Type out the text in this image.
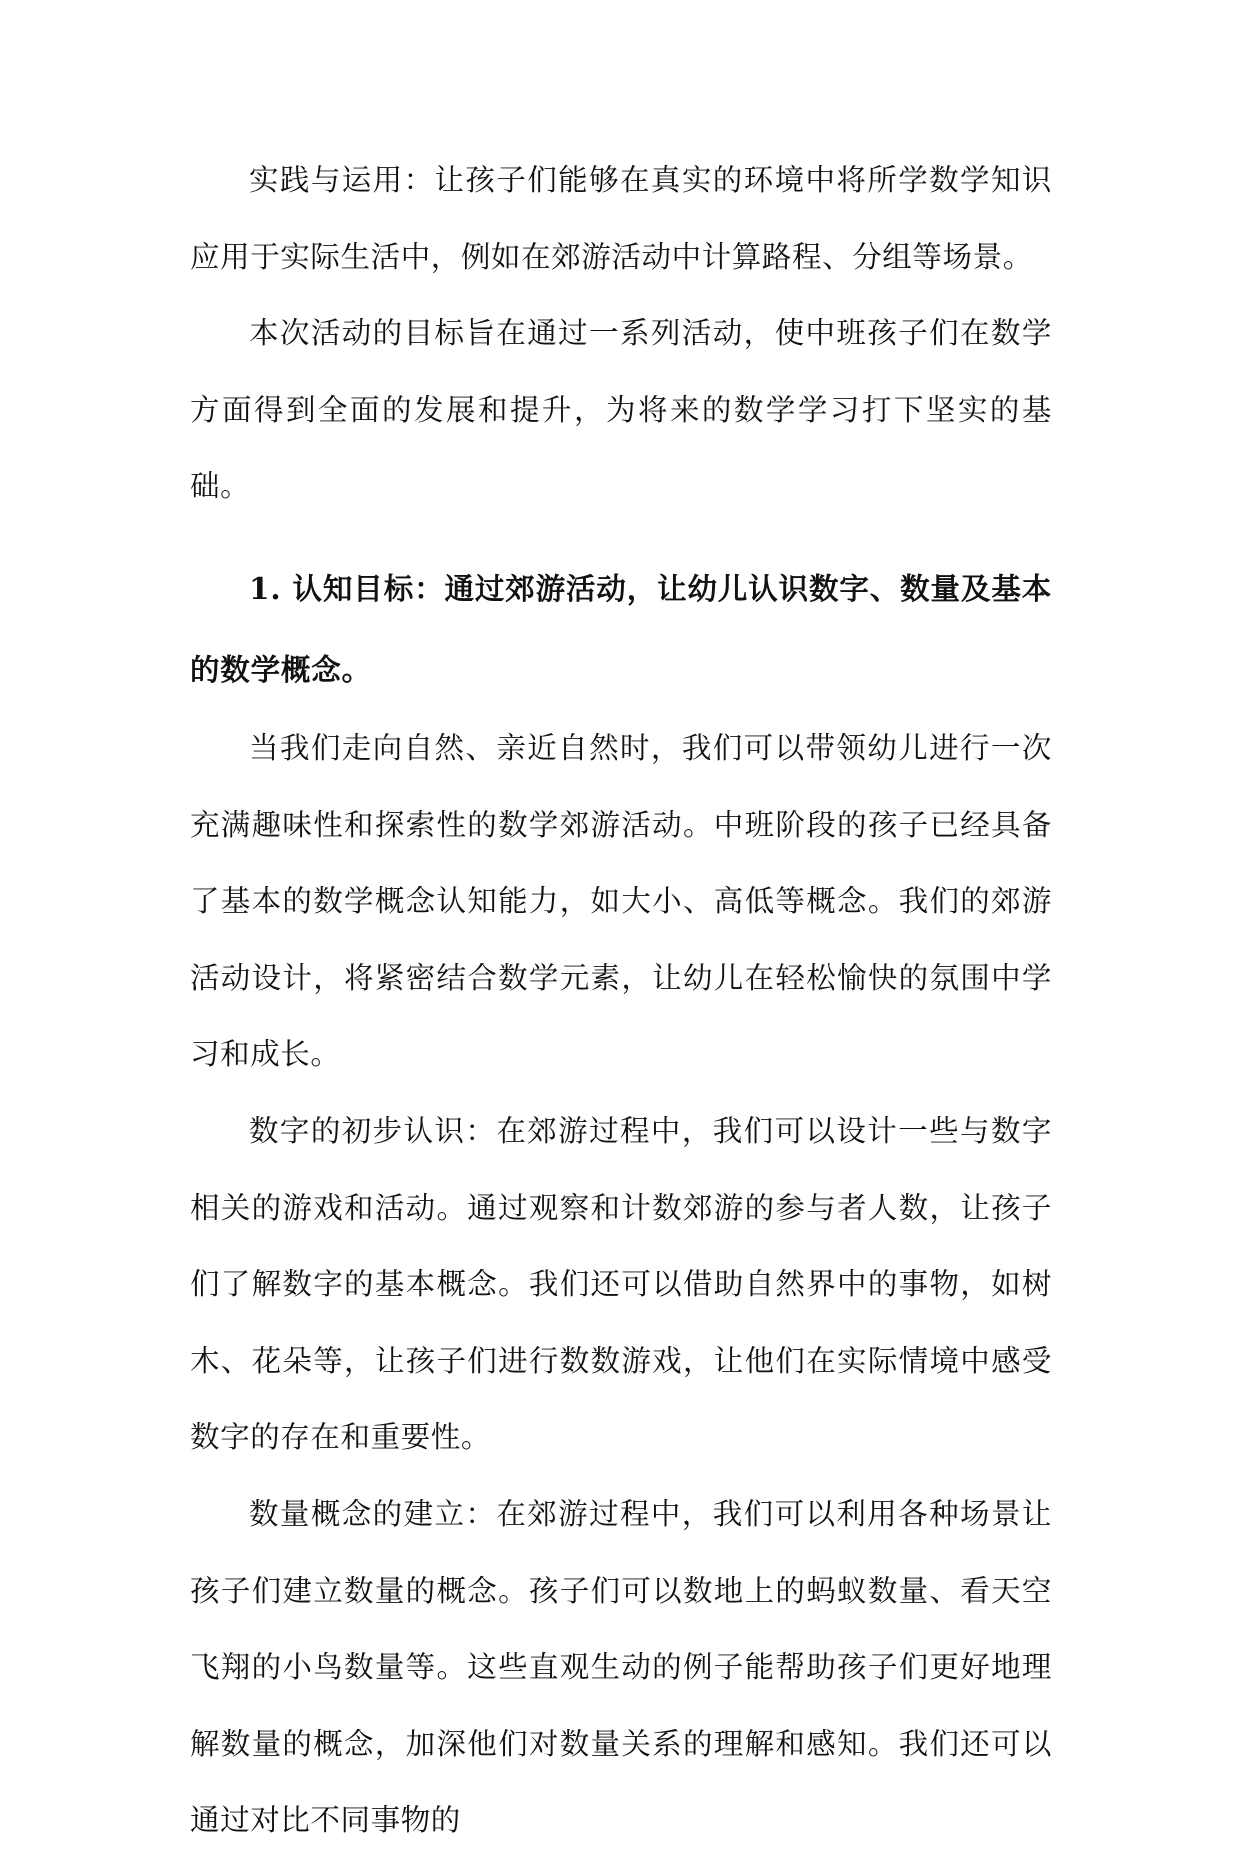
实践与运用：让孩子们能够在真实的环境中将所学数学知识应用于实际生活中，例如在郊游活动中计算路程、分组等场景。

本次活动的目标旨在通过一系列活动，使中班孩子们在数学方面得到全面的发展和提升，为将来的数学学习打下坚实的基础。

1. 认知目标：通过郊游活动，让幼儿认识数字、数量及基本的数学概念。

当我们走向自然、亲近自然时，我们可以带领幼儿进行一次充满趣味性和探索性的数学郊游活动。中班阶段的孩子已经具备了基本的数学概念认知能力，如大小、高低等概念。我们的郊游活动设计，将紧密结合数学元素，让幼儿在轻松愉快的氛围中学习和成长。

数字的初步认识：在郊游过程中，我们可以设计一些与数字相关的游戏和活动。通过观察和计数郊游的参与者人数，让孩子们了解数字的基本概念。我们还可以借助自然界中的事物，如树木、花朵等，让孩子们进行数数游戏，让他们在实际情境中感受数字的存在和重要性。

数量概念的建立：在郊游过程中，我们可以利用各种场景让孩子们建立数量的概念。孩子们可以数地上的蚂蚁数量、看天空飞翔的小鸟数量等。这些直观生动的例子能帮助孩子们更好地理解数量的概念，加深他们对数量关系的理解和感知。我们还可以通过对比不同事物的
